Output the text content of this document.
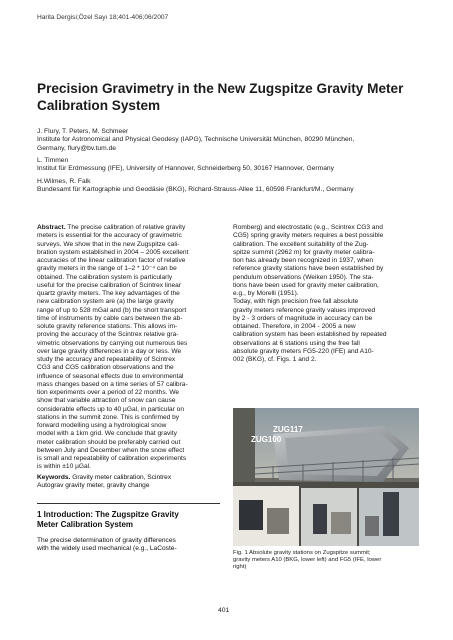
Harita Dergisi;Özel Sayı 18;401-406;06/2007
Precision Gravimetry in the New Zugspitze Gravity Meter
Calibration System
J. Flury, T. Peters, M. Schmeer
Institute for Astronomical and Physical Geodesy (IAPG), Technische Universität München, 80290 München,
Germany, flury@bv.tum.de
L. Timmen
Institut für Erdmessung (IFE), University of Hannover, Schneiderberg 50, 30167 Hannover, Germany
H.Wilmes, R. Falk
Bundesamt für Kartographie und Geodäsie (BKG), Richard-Strauss-Allee 11, 60598 Frankfurt/M., Germany
Abstract. The precise calibration of relative gravity
meters is essential for the accuracy of gravimetric
surveys. We show that in the new Zugspitze cali-
bration system established in 2004 – 2005 excellent
accuracies of the linear calibration factor of relative
gravity meters in the range of 1–2 * 10⁻⁴ can be
obtained. The calibration system is particularly
useful for the precise calibration of Scintrex linear
quartz gravity meters. The key advantages of the
new calibration system are (a) the large gravity
range of up to 528 mGal and (b) the short transport
time of instruments by cable cars between the ab-
solute gravity reference stations. This allows im-
proving the accuracy of the Scintrex relative gra-
vimetric observations by carrying out numerous ties
over large gravity differences in a day or less. We
study the accuracy and repeatability of Scintrex
CG3 and CG5 calibration observations and the
influence of seasonal effects due to environmental
mass changes based on a time series of 57 calibra-
tion experiments over a period of 22 months. We
show that variable attraction of snow can cause
considerable effects up to 40 µGal, in particular on
stations in the summit zone. This is confirmed by
forward modelling using a hydrological snow
model with a 1km grid. We conclude that gravity
meter calibration should be preferably carried out
between July and December when the snow effect
is small and repeatability of calibration experiments
is within ±10 µGal.
Keywords. Gravity meter calibration, Scintrex
Autograv gravity meter, gravity change
1 Introduction: The Zugspitze Gravity
Meter Calibration System
The precise determination of gravity differences
with the widely used mechanical (e.g., LaCoste-
Romberg) and electrostatic (e.g., Scintrex CG3 and
CG5) spring gravity meters requires a best possible
calibration. The excellent suitability of the Zug-
spitze summit (2962 m) for gravity meter calibra-
tion has already been recognized in 1937, when
reference gravity stations have been established by
pendulum observations (Weiken 1950). The sta-
tions have been used for gravity meter calibration,
e.g., by Morelli (1951).
Today, with high precision free fall absolute
gravity meters reference gravity values improved
by 2 - 3 orders of magnitude in accuracy can be
obtained. Therefore, in 2004 - 2005 a new
calibration system has been established by repeated
observations at 6 stations using the free fall
absolute gravity meters FG5-220 (IFE) and A10-
002 (BKG), cf. Figs. 1 and 2.
ZUG100
ZUG117
Fig. 1 Absolute gravity stations on Zugspitze summit;
gravity meters A10 (BKG, lower left) and FG5 (IFE, lower
right)
401
